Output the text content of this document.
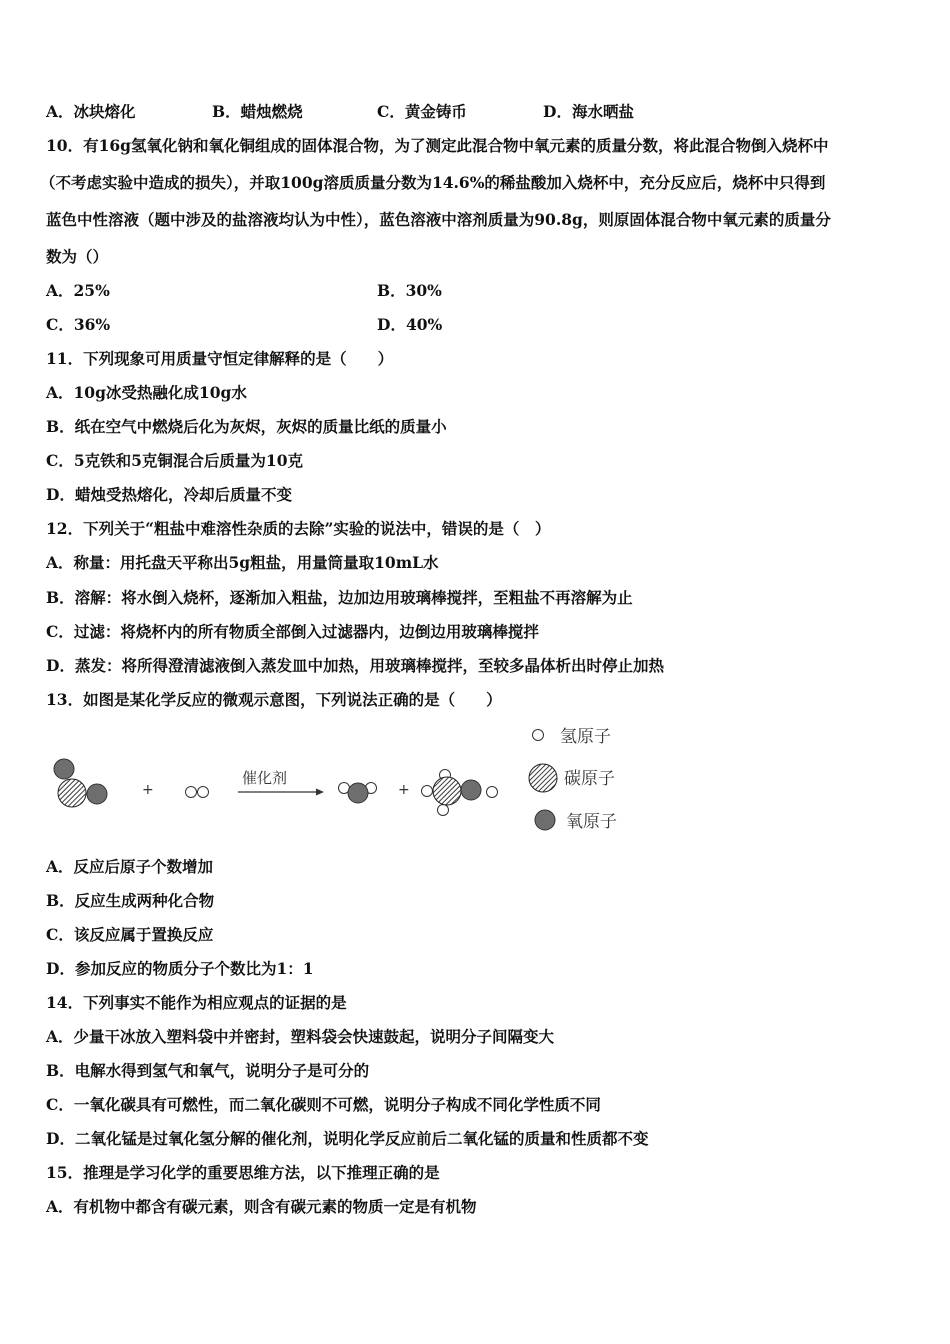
A．冰块熔化	B．蜡烛燃烧	C．黄金铸币	D．海水晒盐
10．有16g氢氧化钠和氧化铜组成的固体混合物，为了测定此混合物中氧元素的质量分数，将此混合物倒入烧杯中
（不考虑实验中造成的损失），并取100g溶质质量分数为14.6%的稀盐酸加入烧杯中，充分反应后，烧杯中只得到
蓝色中性溶液（题中涉及的盐溶液均认为中性），蓝色溶液中溶剂质量为90.8g，则原固体混合物中氧元素的质量分
数为（）
A．25%	B．30%
C．36%	D．40%
11．下列现象可用质量守恒定律解释的是（　　）
A．10g冰受热融化成10g水
B．纸在空气中燃烧后化为灰烬，灰烬的质量比纸的质量小
C．5克铁和5克铜混合后质量为10克
D．蜡烛受热熔化，冷却后质量不变
12．下列关于“粗盐中难溶性杂质的去除”实验的说法中，错误的是（　）
A．称量：用托盘天平称出5g粗盐，用量筒量取10mL水
B．溶解：将水倒入烧杯，逐渐加入粗盐，边加边用玻璃棒搅拌，至粗盐不再溶解为止
C．过滤：将烧杯内的所有物质全部倒入过滤器内，边倒边用玻璃棒搅拌
D．蒸发：将所得澄清滤液倒入蒸发皿中加热，用玻璃棒搅拌，至较多晶体析出时停止加热
13．如图是某化学反应的微观示意图，下列说法正确的是（　　）
+
催化剂
+
氢原子
碳原子
氧原子
A．反应后原子个数增加
B．反应生成两种化合物
C．该反应属于置换反应
D．参加反应的物质分子个数比为1：1
14．下列事实不能作为相应观点的证据的是
A．少量干冰放入塑料袋中并密封，塑料袋会快速鼓起，说明分子间隔变大
B．电解水得到氢气和氧气，说明分子是可分的
C．一氧化碳具有可燃性，而二氧化碳则不可燃，说明分子构成不同化学性质不同
D．二氧化锰是过氧化氢分解的催化剂，说明化学反应前后二氧化锰的质量和性质都不变
15．推理是学习化学的重要思维方法，以下推理正确的是
A．有机物中都含有碳元素，则含有碳元素的物质一定是有机物
